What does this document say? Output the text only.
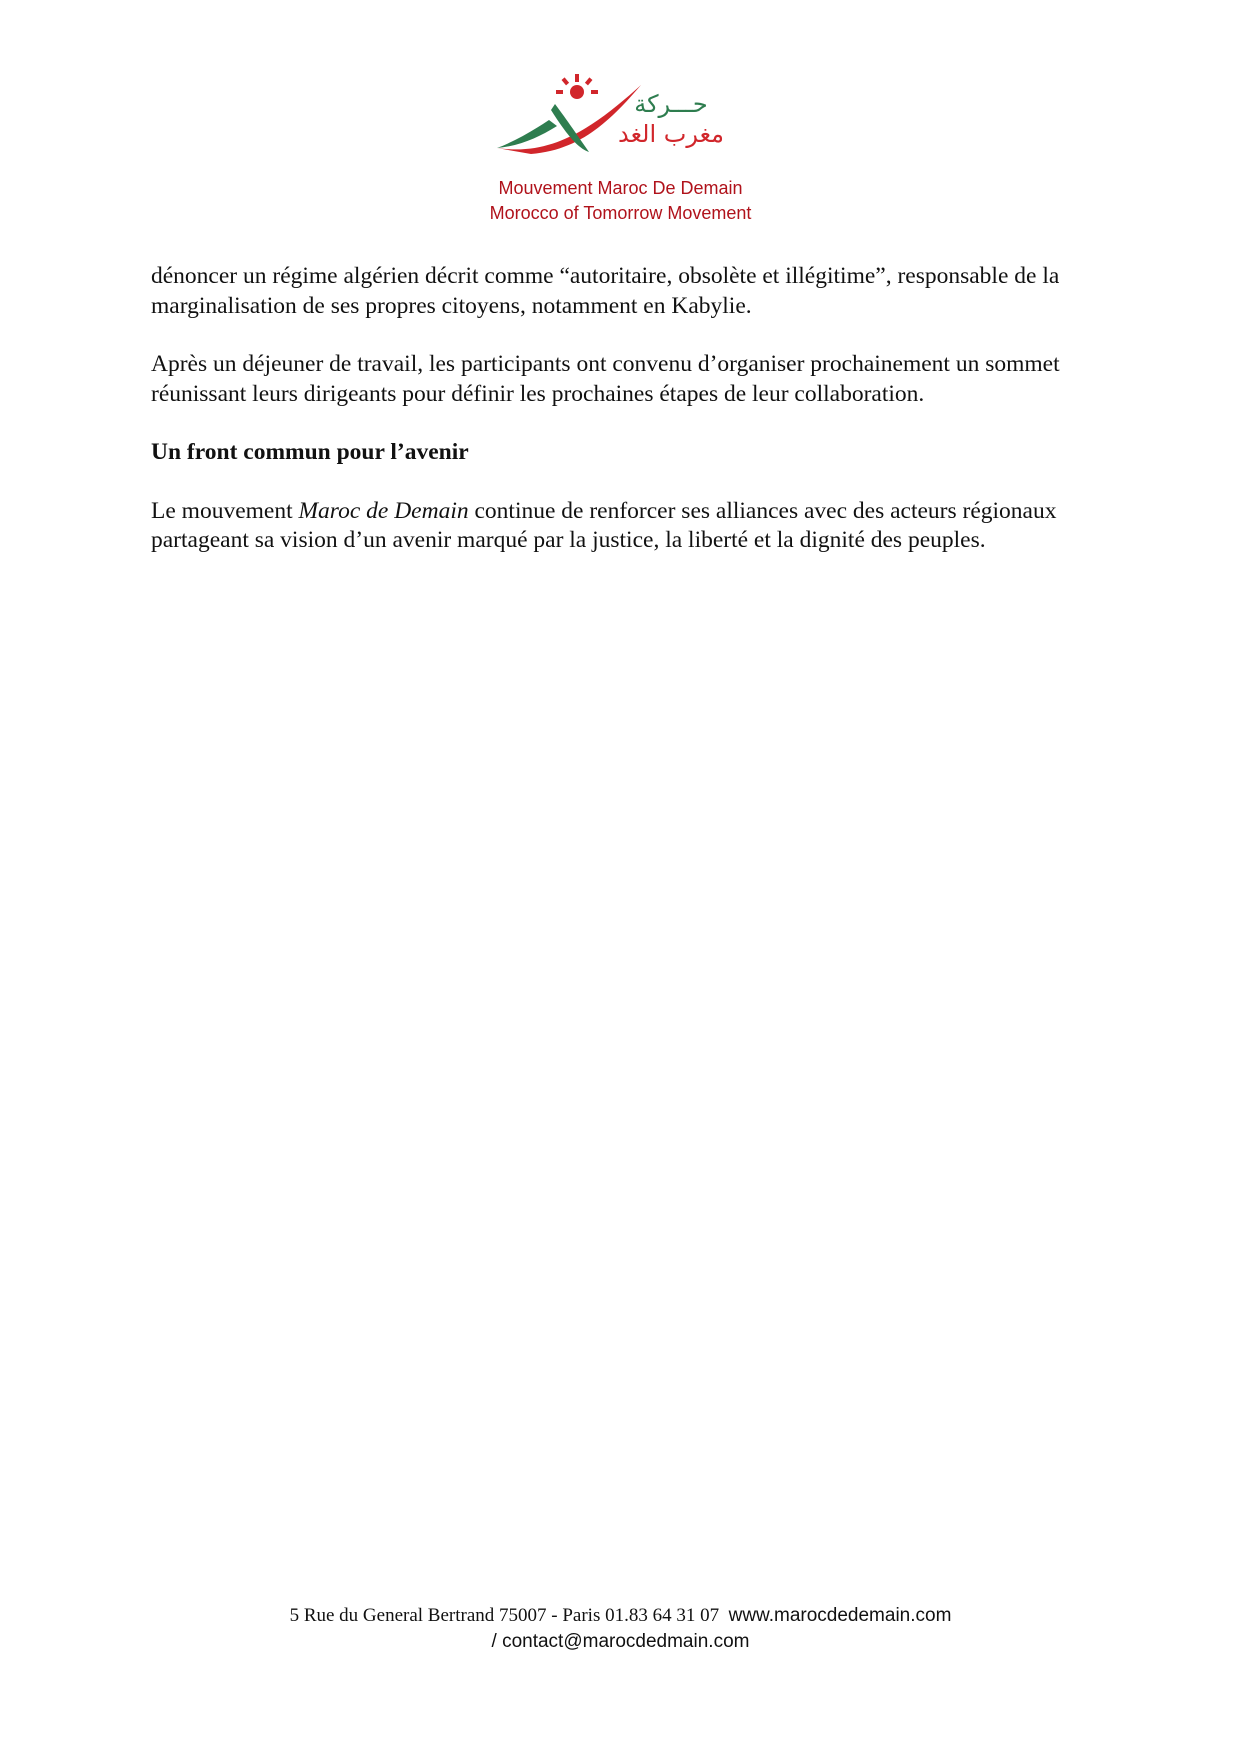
حـــركة
مغرب الغد

Mouvement Maroc De Demain

Morocco of Tomorrow Movement

dénoncer un régime algérien décrit comme “autoritaire, obsolète et illégitime”, responsable de la marginalisation de ses propres citoyens, notamment en Kabylie.

Après un déjeuner de travail, les participants ont convenu d’organiser prochainement un sommet réunissant leurs dirigeants pour définir les prochaines étapes de leur collaboration.

Un front commun pour l’avenir

Le mouvement Maroc de Demain continue de renforcer ses alliances avec des acteurs régionaux partageant sa vision d’un avenir marqué par la justice, la liberté et la dignité des peuples.

5 Rue du General Bertrand 75007 - Paris 01.83 64 31 07 www.marocdedemain.com
/ contact@marocdedmain.com
